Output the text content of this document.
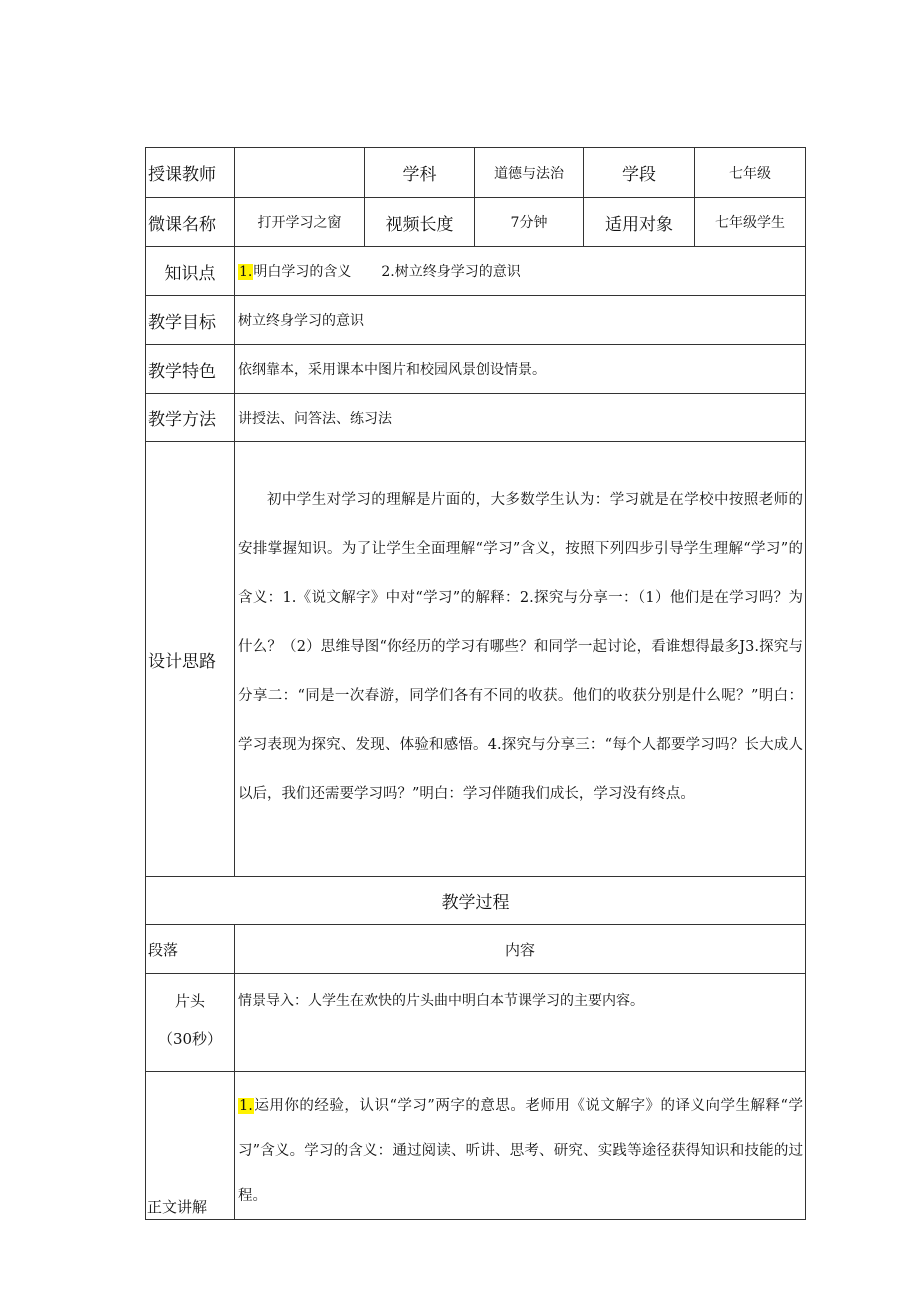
授课教师		学科	道德与法治	学段	七年级
微课名称	打开学习之窗	视频长度	7分钟	适用对象	七年级学生
知识点	1.明白学习的含义 2.树立终身学习的意识				
教学目标	树立终身学习的意识				
教学特色	依纲靠本，采用课本中图片和校园风景创设情景。				
教学方法	讲授法、问答法、练习法				
设计思路	初中学生对学习的理解是片面的，大多数学生认为：学习就是在学校中按照老师的安排掌握知识。为了让学生全面理解“学习”含义，按照下列四步引导学生理解“学习”的含义：1.《说文解字》中对“学习”的解释：2.探究与分享一：（1）他们是在学习吗？为什么？（2）思维导图“你经历的学习有哪些？和同学一起讨论，看谁想得最多J3.探究与分享二：“同是一次春游，同学们各有不同的收获。他们的收获分别是什么呢？”明白：学习表现为探究、发现、体验和感悟。4.探究与分享三：“每个人都要学习吗？长大成人以后，我们还需要学习吗？”明白：学习伴随我们成长，学习没有终点。				

教学过程					
段落	内容				

片头
（30秒）	情景导入：人学生在欢快的片头曲中明白本节课学习的主要内容。				
正文讲解	1.运用你的经验，认识“学习”两字的意思。老师用《说文解字》的译义向学生解释“学习”含义。学习的含义：通过阅读、听讲、思考、研究、实践等途径获得知识和技能的过程。				
